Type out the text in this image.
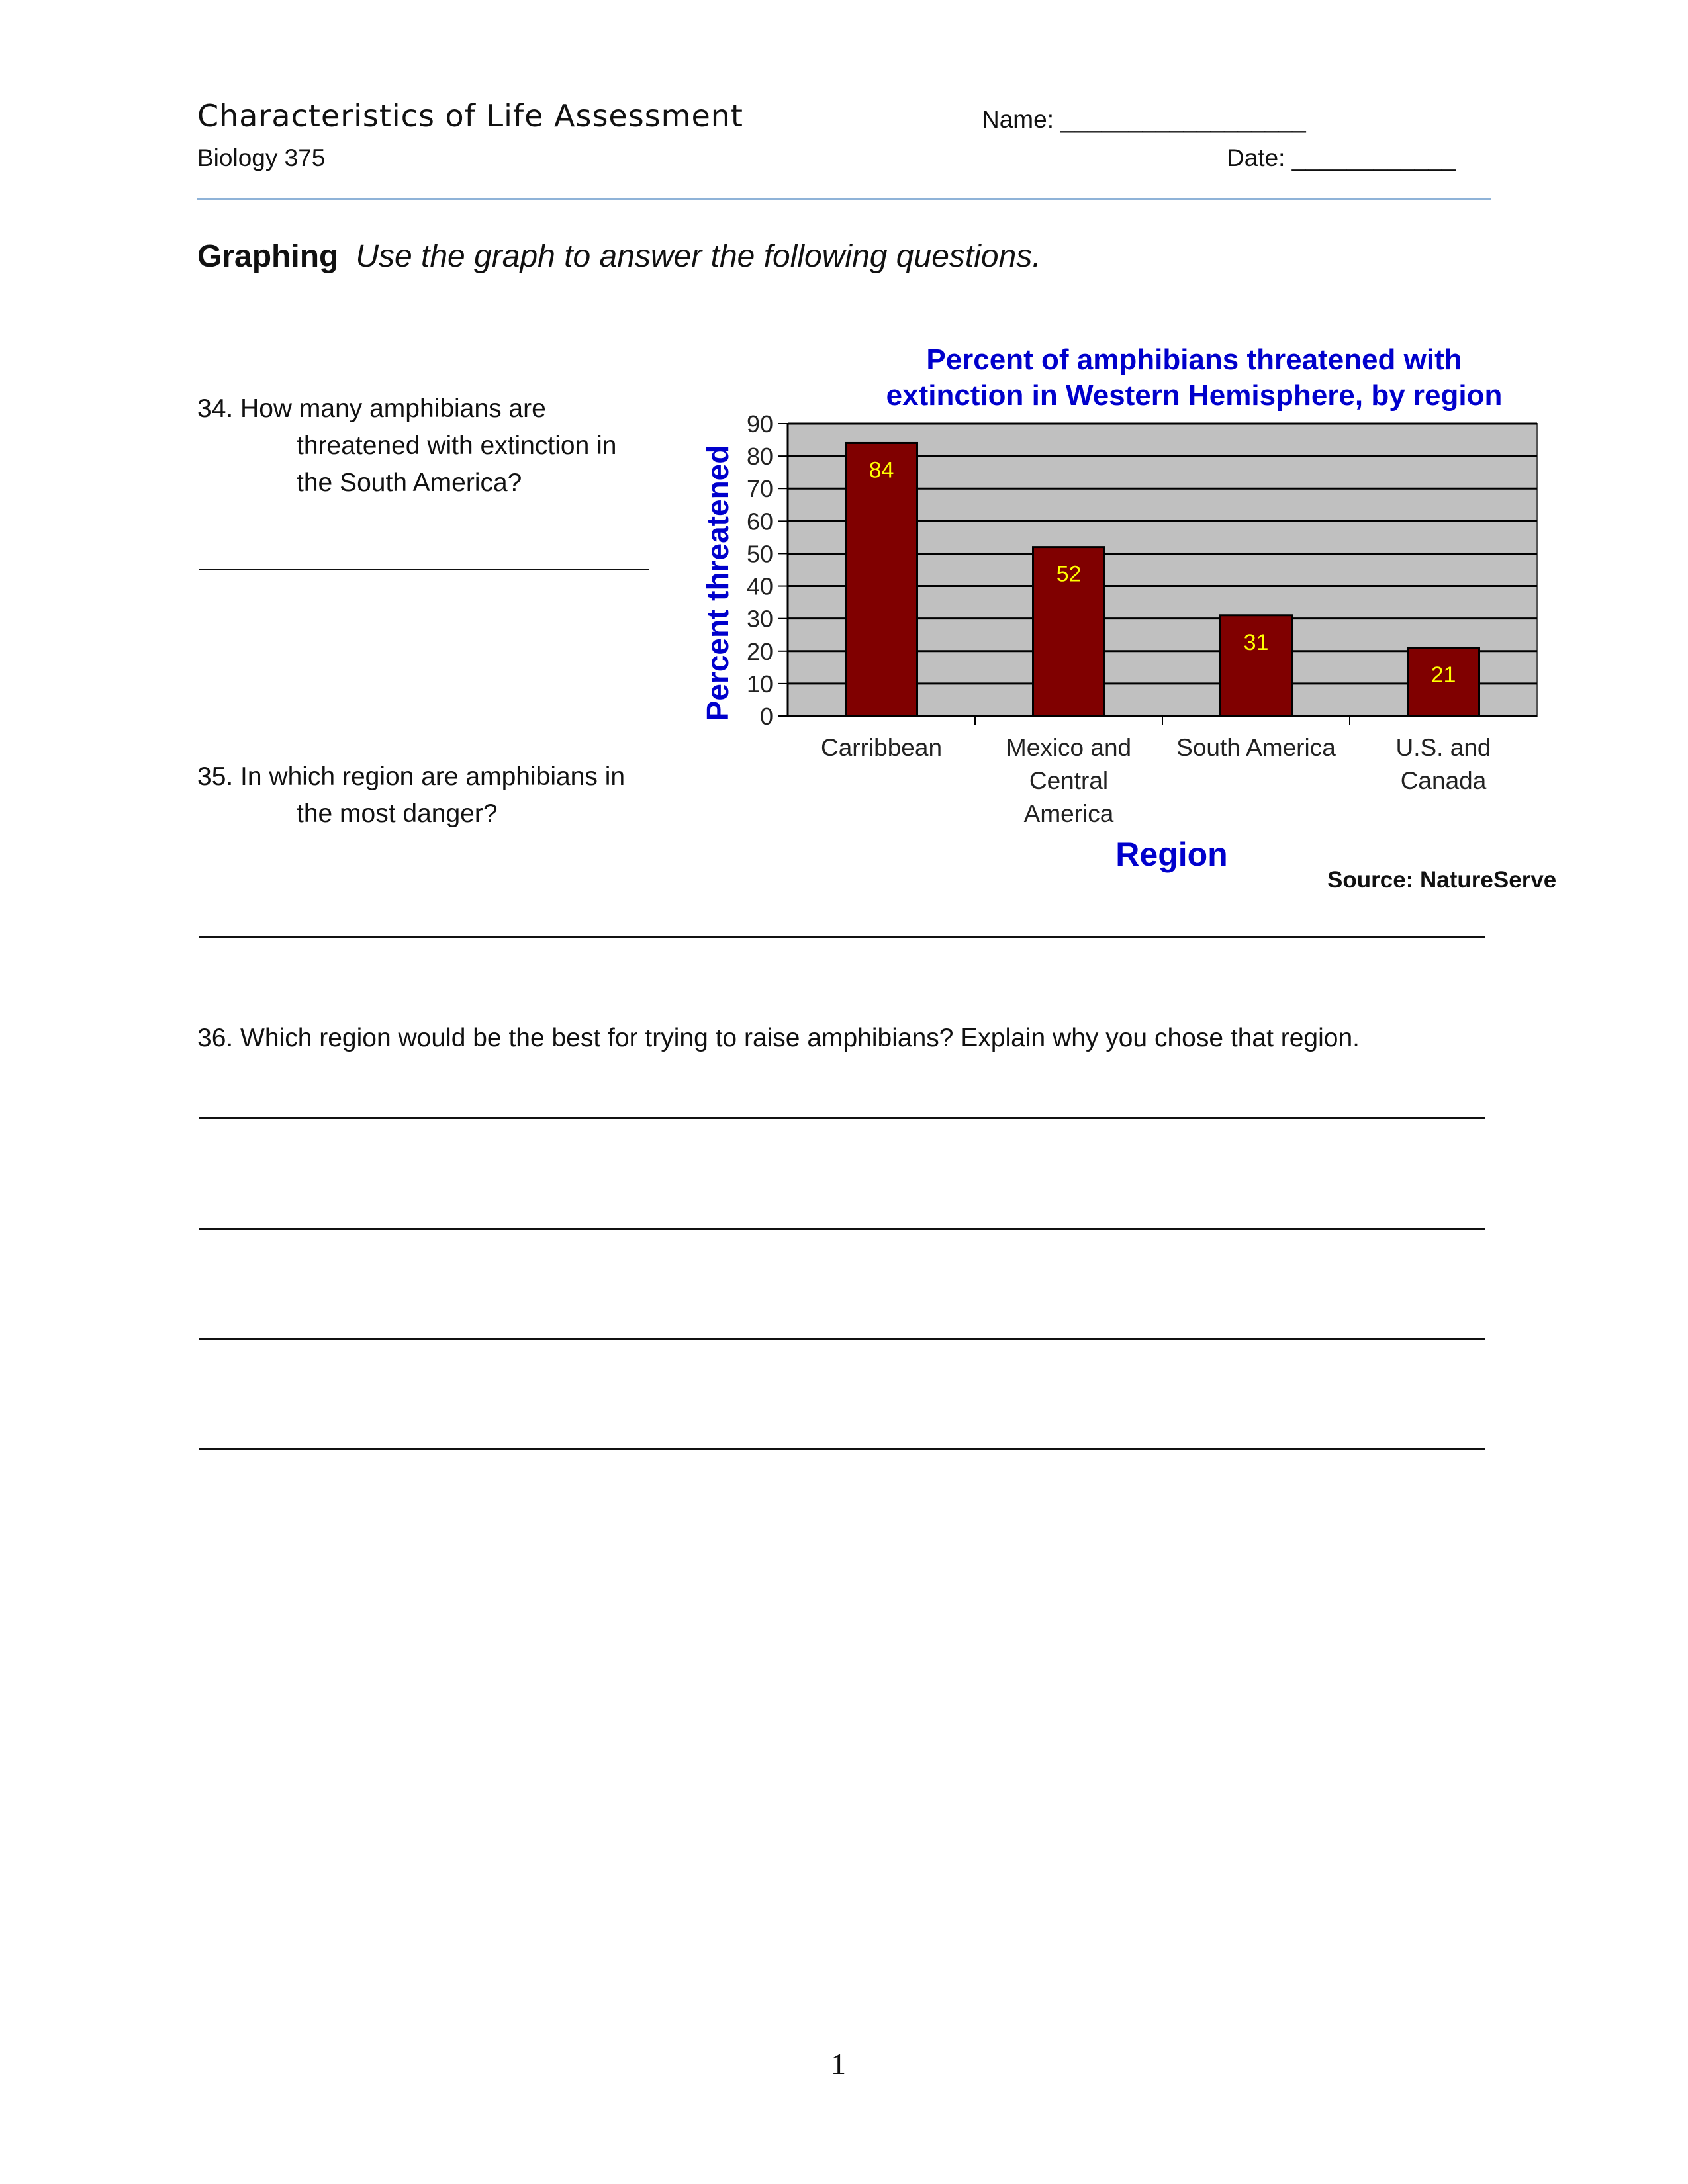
Characteristics of Life Assessment
Biology 375
Name: __________________
Date: ____________
Graphing Use the graph to answer the following questions.
34. How many amphibians are
threatened with extinction in
the South America?
35. In which region are amphibians in
the most danger?
36. Which region would be the best for trying to raise amphibians? Explain why you chose that region.
Percent of amphibians threatened with
extinction in Western Hemisphere, by region
0
10
20
30
40
50
60
70
80
90
84
52
31
21
Carribbean	Mexico and
Central
America
South America U.S. and
Canada
Percent threatened
Region
Source: NatureServe
1
